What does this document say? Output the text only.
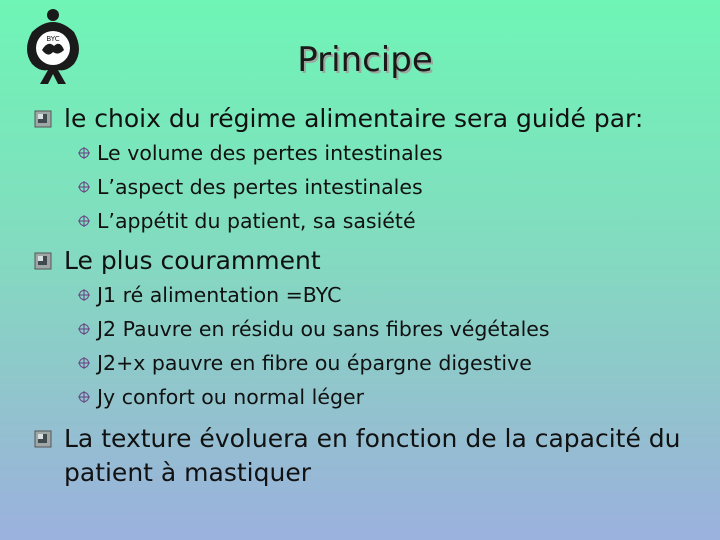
BYC
Principe
le choix du régime alimentaire sera guidé par:
Le volume des pertes intestinales
L’aspect des pertes intestinales
L’appétit du patient, sa sasiété
Le plus couramment
J1 ré alimentation =BYC
J2 Pauvre en résidu ou sans fibres végétales
J2+x pauvre en fibre ou épargne digestive
Jy confort ou normal léger
La texture évoluera en fonction de la capacité du patient à mastiquer
